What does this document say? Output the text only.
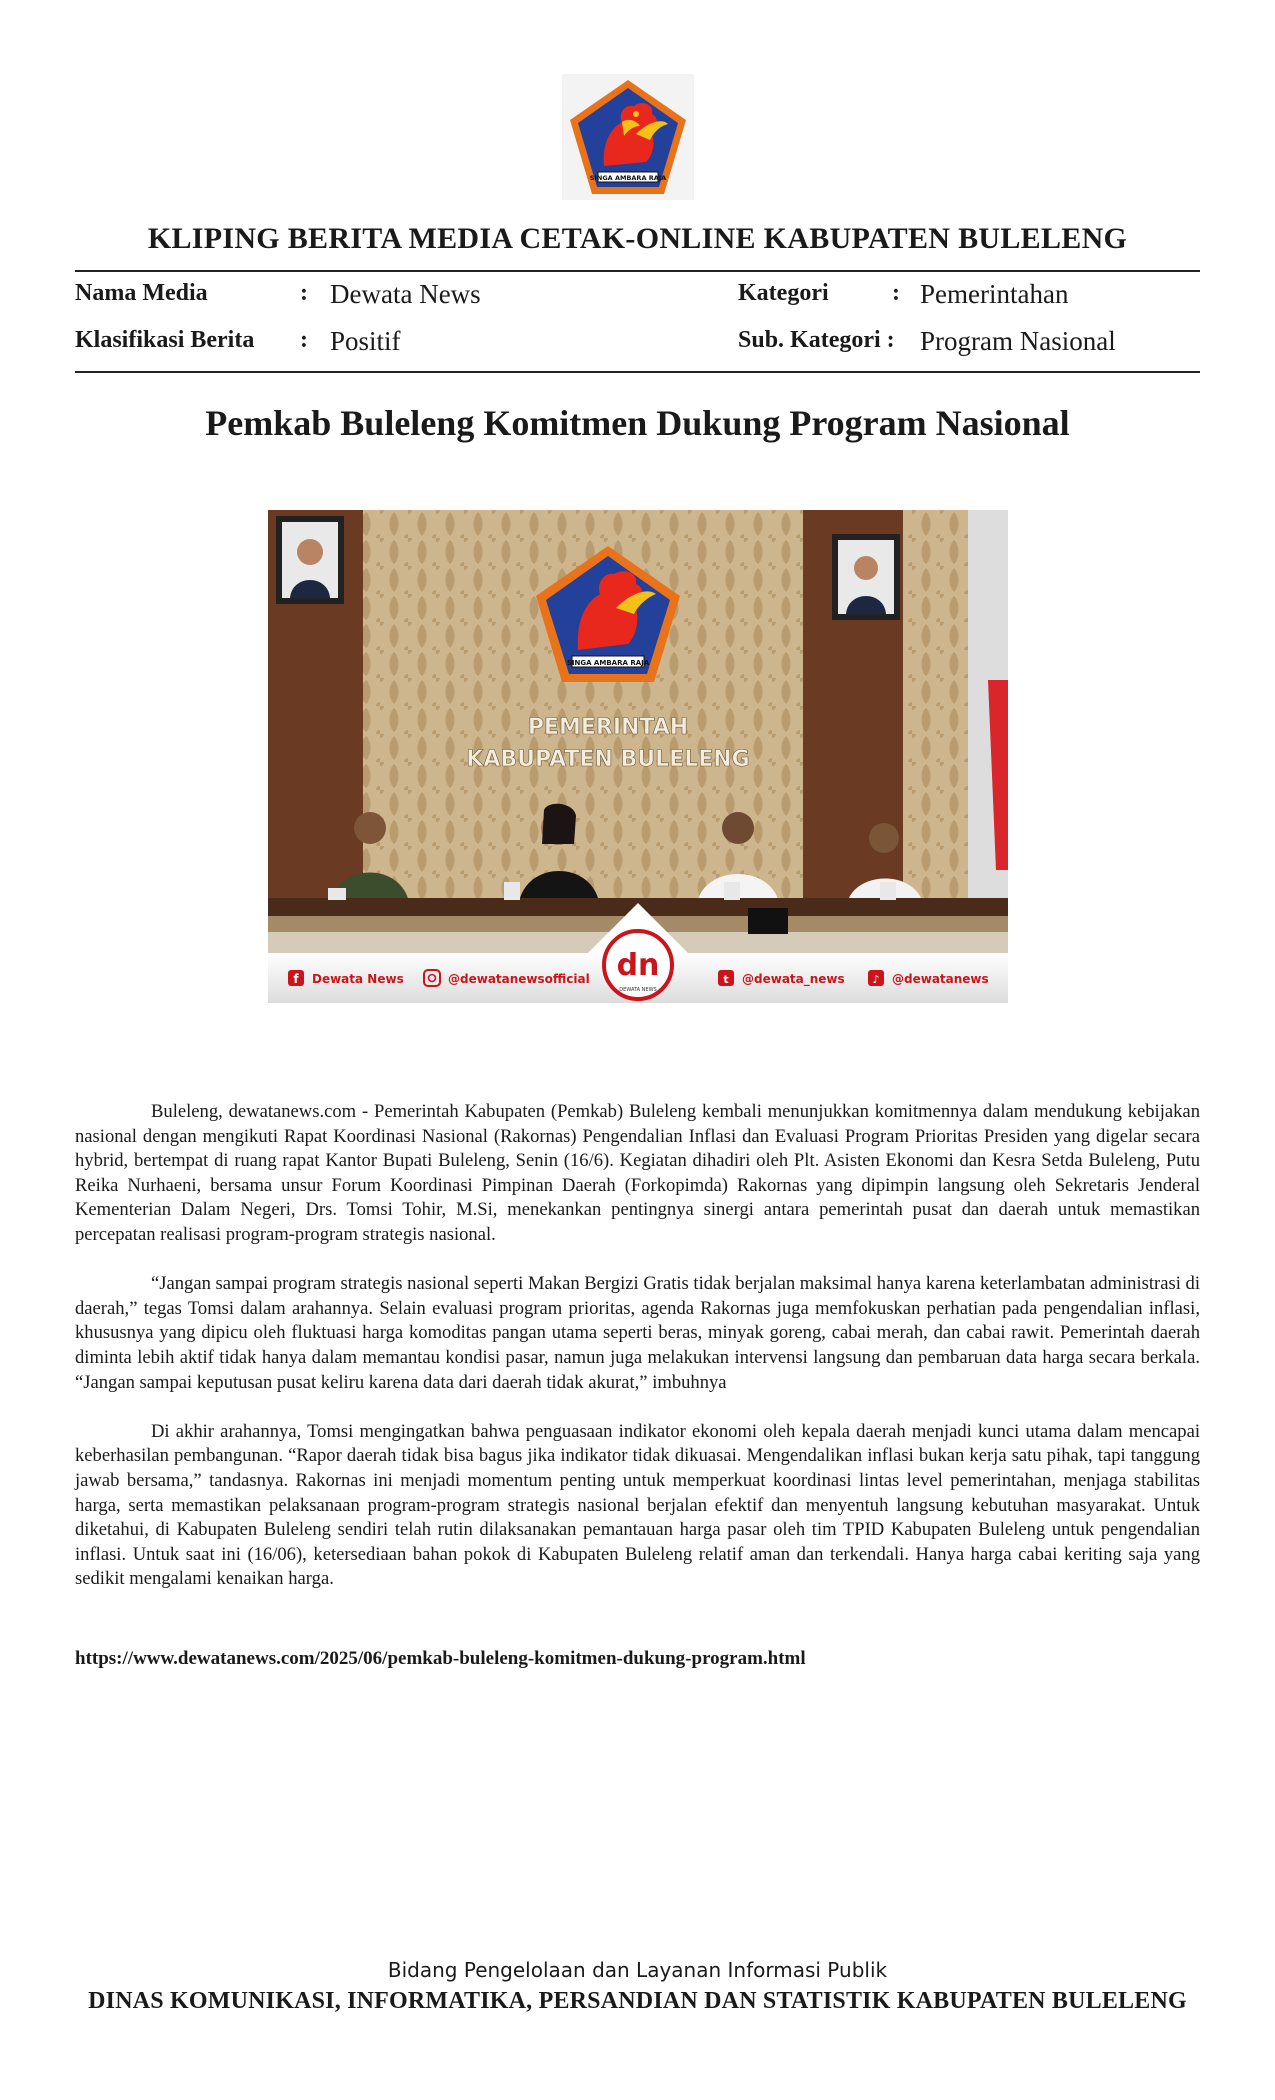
SINGA AMBARA RAJA
KLIPING BERITA MEDIA CETAK-ONLINE KABUPATEN BULELENG
Nama Media	: Dewata News
Klasifikasi Berita : Positif
Kategori	: Pemerintahan
Sub. Kategori : Program Nasional
Pemkab Buleleng Komitmen Dukung Program Nasional
SINGA AMBARA RAJA
PEMERINTAH
KABUPATEN BULELENG
dn
DEWATA NEWS
f Dewata News	@dewatanewsofficial	t @dewata_news	♪ @dewatanews

Buleleng, dewatanews.com - Pemerintah Kabupaten (Pemkab) Buleleng kembali menunjukkan komitmennya dalam mendukung kebijakan nasional dengan mengikuti Rapat Koordinasi Nasional (Rakornas) Pengendalian Inflasi dan Evaluasi Program Prioritas Presiden yang digelar secara hybrid, bertempat di ruang rapat Kantor Bupati Buleleng, Senin (16/6). Kegiatan dihadiri oleh Plt. Asisten Ekonomi dan Kesra Setda Buleleng, Putu Reika Nurhaeni, bersama unsur Forum Koordinasi Pimpinan Daerah (Forkopimda) Rakornas yang dipimpin langsung oleh Sekretaris Jenderal Kementerian Dalam Negeri, Drs. Tomsi Tohir, M.Si, menekankan pentingnya sinergi antara pemerintah pusat dan daerah untuk memastikan percepatan realisasi program-program strategis nasional.

“Jangan sampai program strategis nasional seperti Makan Bergizi Gratis tidak berjalan maksimal hanya karena keterlambatan administrasi di daerah,” tegas Tomsi dalam arahannya. Selain evaluasi program prioritas, agenda Rakornas juga memfokuskan perhatian pada pengendalian inflasi, khususnya yang dipicu oleh fluktuasi harga komoditas pangan utama seperti beras, minyak goreng, cabai merah, dan cabai rawit. Pemerintah daerah diminta lebih aktif tidak hanya dalam memantau kondisi pasar, namun juga melakukan intervensi langsung dan pembaruan data harga secara berkala. “Jangan sampai keputusan pusat keliru karena data dari daerah tidak akurat,” imbuhnya

Di akhir arahannya, Tomsi mengingatkan bahwa penguasaan indikator ekonomi oleh kepala daerah menjadi kunci utama dalam mencapai keberhasilan pembangunan. “Rapor daerah tidak bisa bagus jika indikator tidak dikuasai. Mengendalikan inflasi bukan kerja satu pihak, tapi tanggung jawab bersama,” tandasnya. Rakornas ini menjadi momentum penting untuk memperkuat koordinasi lintas level pemerintahan, menjaga stabilitas harga, serta memastikan pelaksanaan program-program strategis nasional berjalan efektif dan menyentuh langsung kebutuhan masyarakat. Untuk diketahui, di Kabupaten Buleleng sendiri telah rutin dilaksanakan pemantauan harga pasar oleh tim TPID Kabupaten Buleleng untuk pengendalian inflasi. Untuk saat ini (16/06), ketersediaan bahan pokok di Kabupaten Buleleng relatif aman dan terkendali. Hanya harga cabai keriting saja yang sedikit mengalami kenaikan harga.

https://www.dewatanews.com/2025/06/pemkab-buleleng-komitmen-dukung-program.html
Bidang Pengelolaan dan Layanan Informasi Publik
DINAS KOMUNIKASI, INFORMATIKA, PERSANDIAN DAN STATISTIK KABUPATEN BULELENG
